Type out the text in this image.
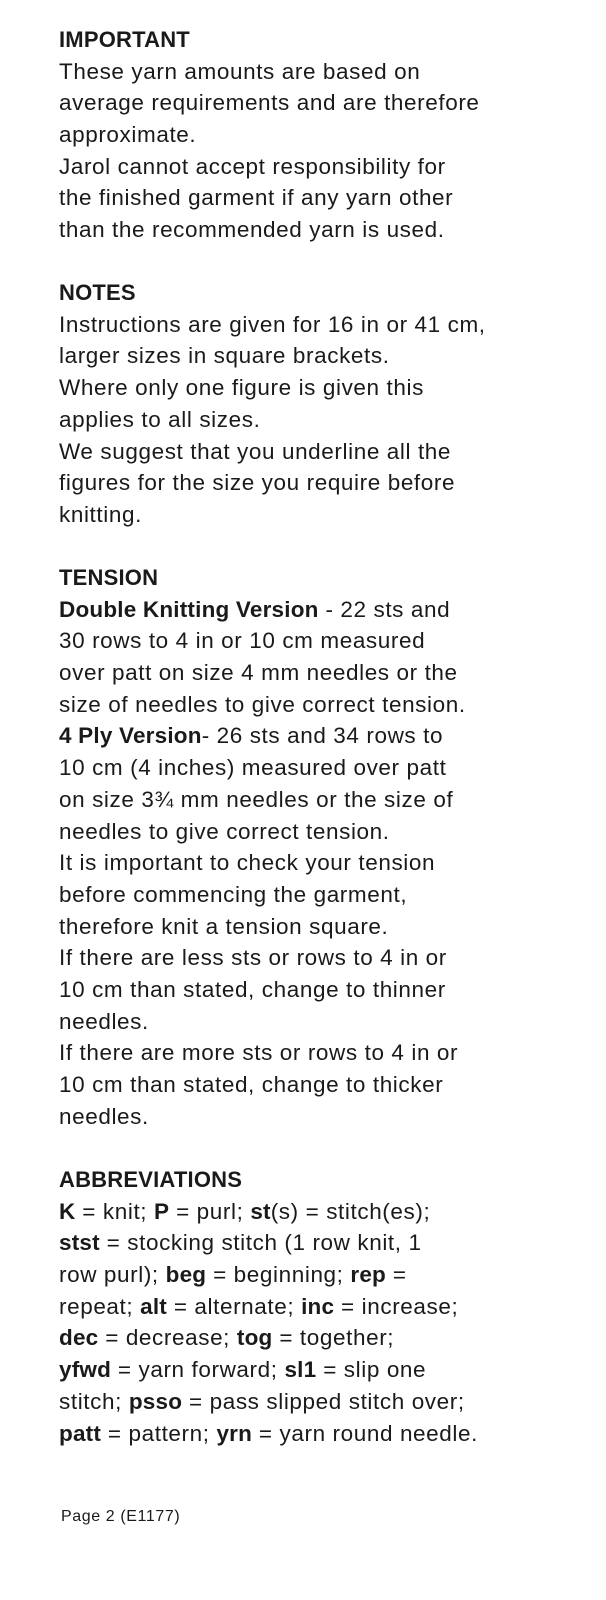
IMPORTANT
These yarn amounts are based on
average requirements and are therefore
approximate.
Jarol cannot accept responsibility for
the finished garment if any yarn other
than the recommended yarn is used.
NOTES
Instructions are given for 16 in or 41 cm,
larger sizes in square brackets.
Where only one figure is given this
applies to all sizes.
We suggest that you underline all the
figures for the size you require before
knitting.
TENSION
Double Knitting Version - 22 sts and
30 rows to 4 in or 10 cm measured
over patt on size 4 mm needles or the
size of needles to give correct tension.
4 Ply Version- 26 sts and 34 rows to
10 cm (4 inches) measured over patt
on size 3¾ mm needles or the size of
needles to give correct tension.
It is important to check your tension
before commencing the garment,
therefore knit a tension square.
If there are less sts or rows to 4 in or
10 cm than stated, change to thinner
needles.
If there are more sts or rows to 4 in or
10 cm than stated, change to thicker
needles.
ABBREVIATIONS
K = knit; P = purl; st(s) = stitch(es);
stst = stocking stitch (1 row knit, 1
row purl); beg = beginning; rep =
repeat; alt = alternate; inc = increase;
dec = decrease; tog = together;
yfwd = yarn forward; sl1 = slip one
stitch; psso = pass slipped stitch over;
patt = pattern; yrn = yarn round needle.
Page 2 (E1177)
